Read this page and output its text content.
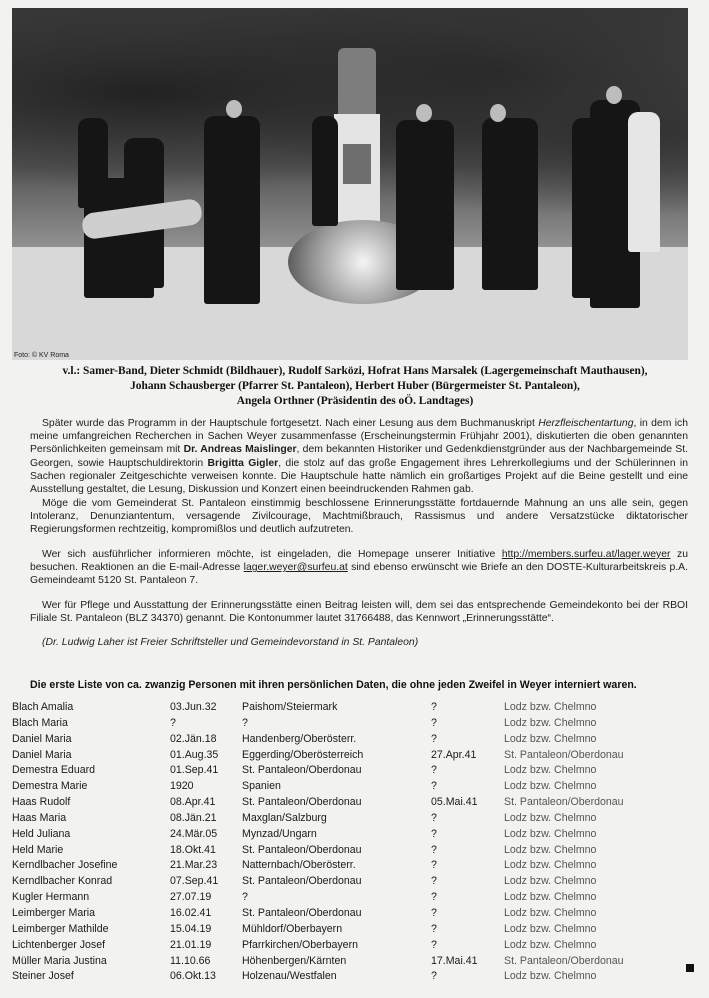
Foto: © KV Roma
v.l.: Samer-Band, Dieter Schmidt (Bildhauer), Rudolf Sarközi, Hofrat Hans Marsalek (Lagergemeinschaft Mauthausen),
Johann Schausberger (Pfarrer St. Pantaleon), Herbert Huber (Bürgermeister St. Pantaleon),
Angela Orthner (Präsidentin des oÖ. Landtages)

Später wurde das Programm in der Hauptschule fortgesetzt. Nach einer Lesung aus dem Buchmanuskript Herzfleischentartung, in dem ich meine umfangreichen Recherchen in Sachen Weyer zusammenfasse (Erscheinungstermin Frühjahr 2001), diskutierten die oben genannten Persönlichkeiten gemeinsam mit Dr. Andreas Maislinger, dem bekannten Historiker und Gedenkdienstgründer aus der Nachbargemeinde St. Georgen, sowie Hauptschuldirektorin Brigitta Gigler, die stolz auf das große Engagement ihres Lehrerkollegiums und der Schülerinnen in Sachen regionaler Zeitgeschichte verweisen konnte. Die Hauptschule hatte nämlich ein großartiges Projekt auf die Beine gestellt und eine Ausstellung gestaltet, die Lesung, Diskussion und Konzert einen beeindruckenden Rahmen gab.

Möge die vom Gemeinderat St. Pantaleon einstimmig beschlossene Erinnerungsstätte fortdauernde Mahnung an uns alle sein, gegen Intoleranz, Denunziantentum, versagende Zivilcourage, Machtmißbrauch, Rassismus und andere Versatzstücke diktatorischer Regierungsformen rechtzeitig, kompromißlos und deutlich aufzutreten.

Wer sich ausführlicher informieren möchte, ist eingeladen, die Homepage unserer Initiative http://members.surfeu.at/lager.weyer zu besuchen. Reaktionen an die E-mail-Adresse lager.weyer@surfeu.at sind ebenso erwünscht wie Briefe an den DOSTE-Kulturarbeitskreis p.A. Gemeindeamt 5120 St. Pantaleon 7.

Wer für Pflege und Ausstattung der Erinnerungsstätte einen Beitrag leisten will, dem sei das entsprechende Gemeindekonto bei der RBOI Filiale St. Pantaleon (BLZ 34370) genannt. Die Kontonummer lautet 31766488, das Kennwort „Erinnerungsstätte“.

(Dr. Ludwig Laher ist Freier Schriftsteller und Gemeindevorstand in St. Pantaleon)

Die erste Liste von ca. zwanzig Personen mit ihren persönlichen Daten, die ohne jeden Zweifel in Weyer interniert waren.
Blach Amalia	03.Jun.32 Paishom/Steiermark	?	Lodz bzw. Chelmno
Blach Maria	?	?	?	Lodz bzw. Chelmno
Daniel Maria	02.Jän.18 Handenberg/Oberösterr.	?	Lodz bzw. Chelmno
Daniel Maria	01.Aug.35 Eggerding/Oberösterreich	27.Apr.41	St. Pantaleon/Oberdonau
Demestra Eduard	01.Sep.41 St. Pantaleon/Oberdonau	?	Lodz bzw. Chelmno
Demestra Marie	1920	Spanien	?	Lodz bzw. Chelmno
Haas Rudolf	08.Apr.41	St. Pantaleon/Oberdonau	05.Mai.41 St. Pantaleon/Oberdonau
Haas Maria	08.Jän.21 Maxglan/Salzburg	?	Lodz bzw. Chelmno
Held Juliana	24.Mär.05 Mynzad/Ungarn	?	Lodz bzw. Chelmno
Held Marie	18.Okt.41 St. Pantaleon/Oberdonau	?	Lodz bzw. Chelmno
Kerndlbacher Josefine	21.Mar.23 Natternbach/Oberösterr.	?	Lodz bzw. Chelmno
Kerndlbacher Konrad	07.Sep.41 St. Pantaleon/Oberdonau	?	Lodz bzw. Chelmno
Kugler Hermann	27.07.19	?	?	Lodz bzw. Chelmno
Leimberger Maria	16.02.41	St. Pantaleon/Oberdonau	?	Lodz bzw. Chelmno
Leimberger Mathilde	15.04.19	Mühldorf/Oberbayern	?	Lodz bzw. Chelmno
Lichtenberger Josef	21.01.19	Pfarrkirchen/Oberbayern	?	Lodz bzw. Chelmno
Müller Maria Justina	11.10.66	Höhenbergen/Kärnten	17.Mai.41 St. Pantaleon/Oberdonau
Steiner Josef	06.Okt.13 Holzenau/Westfalen	?	Lodz bzw. Chelmno
